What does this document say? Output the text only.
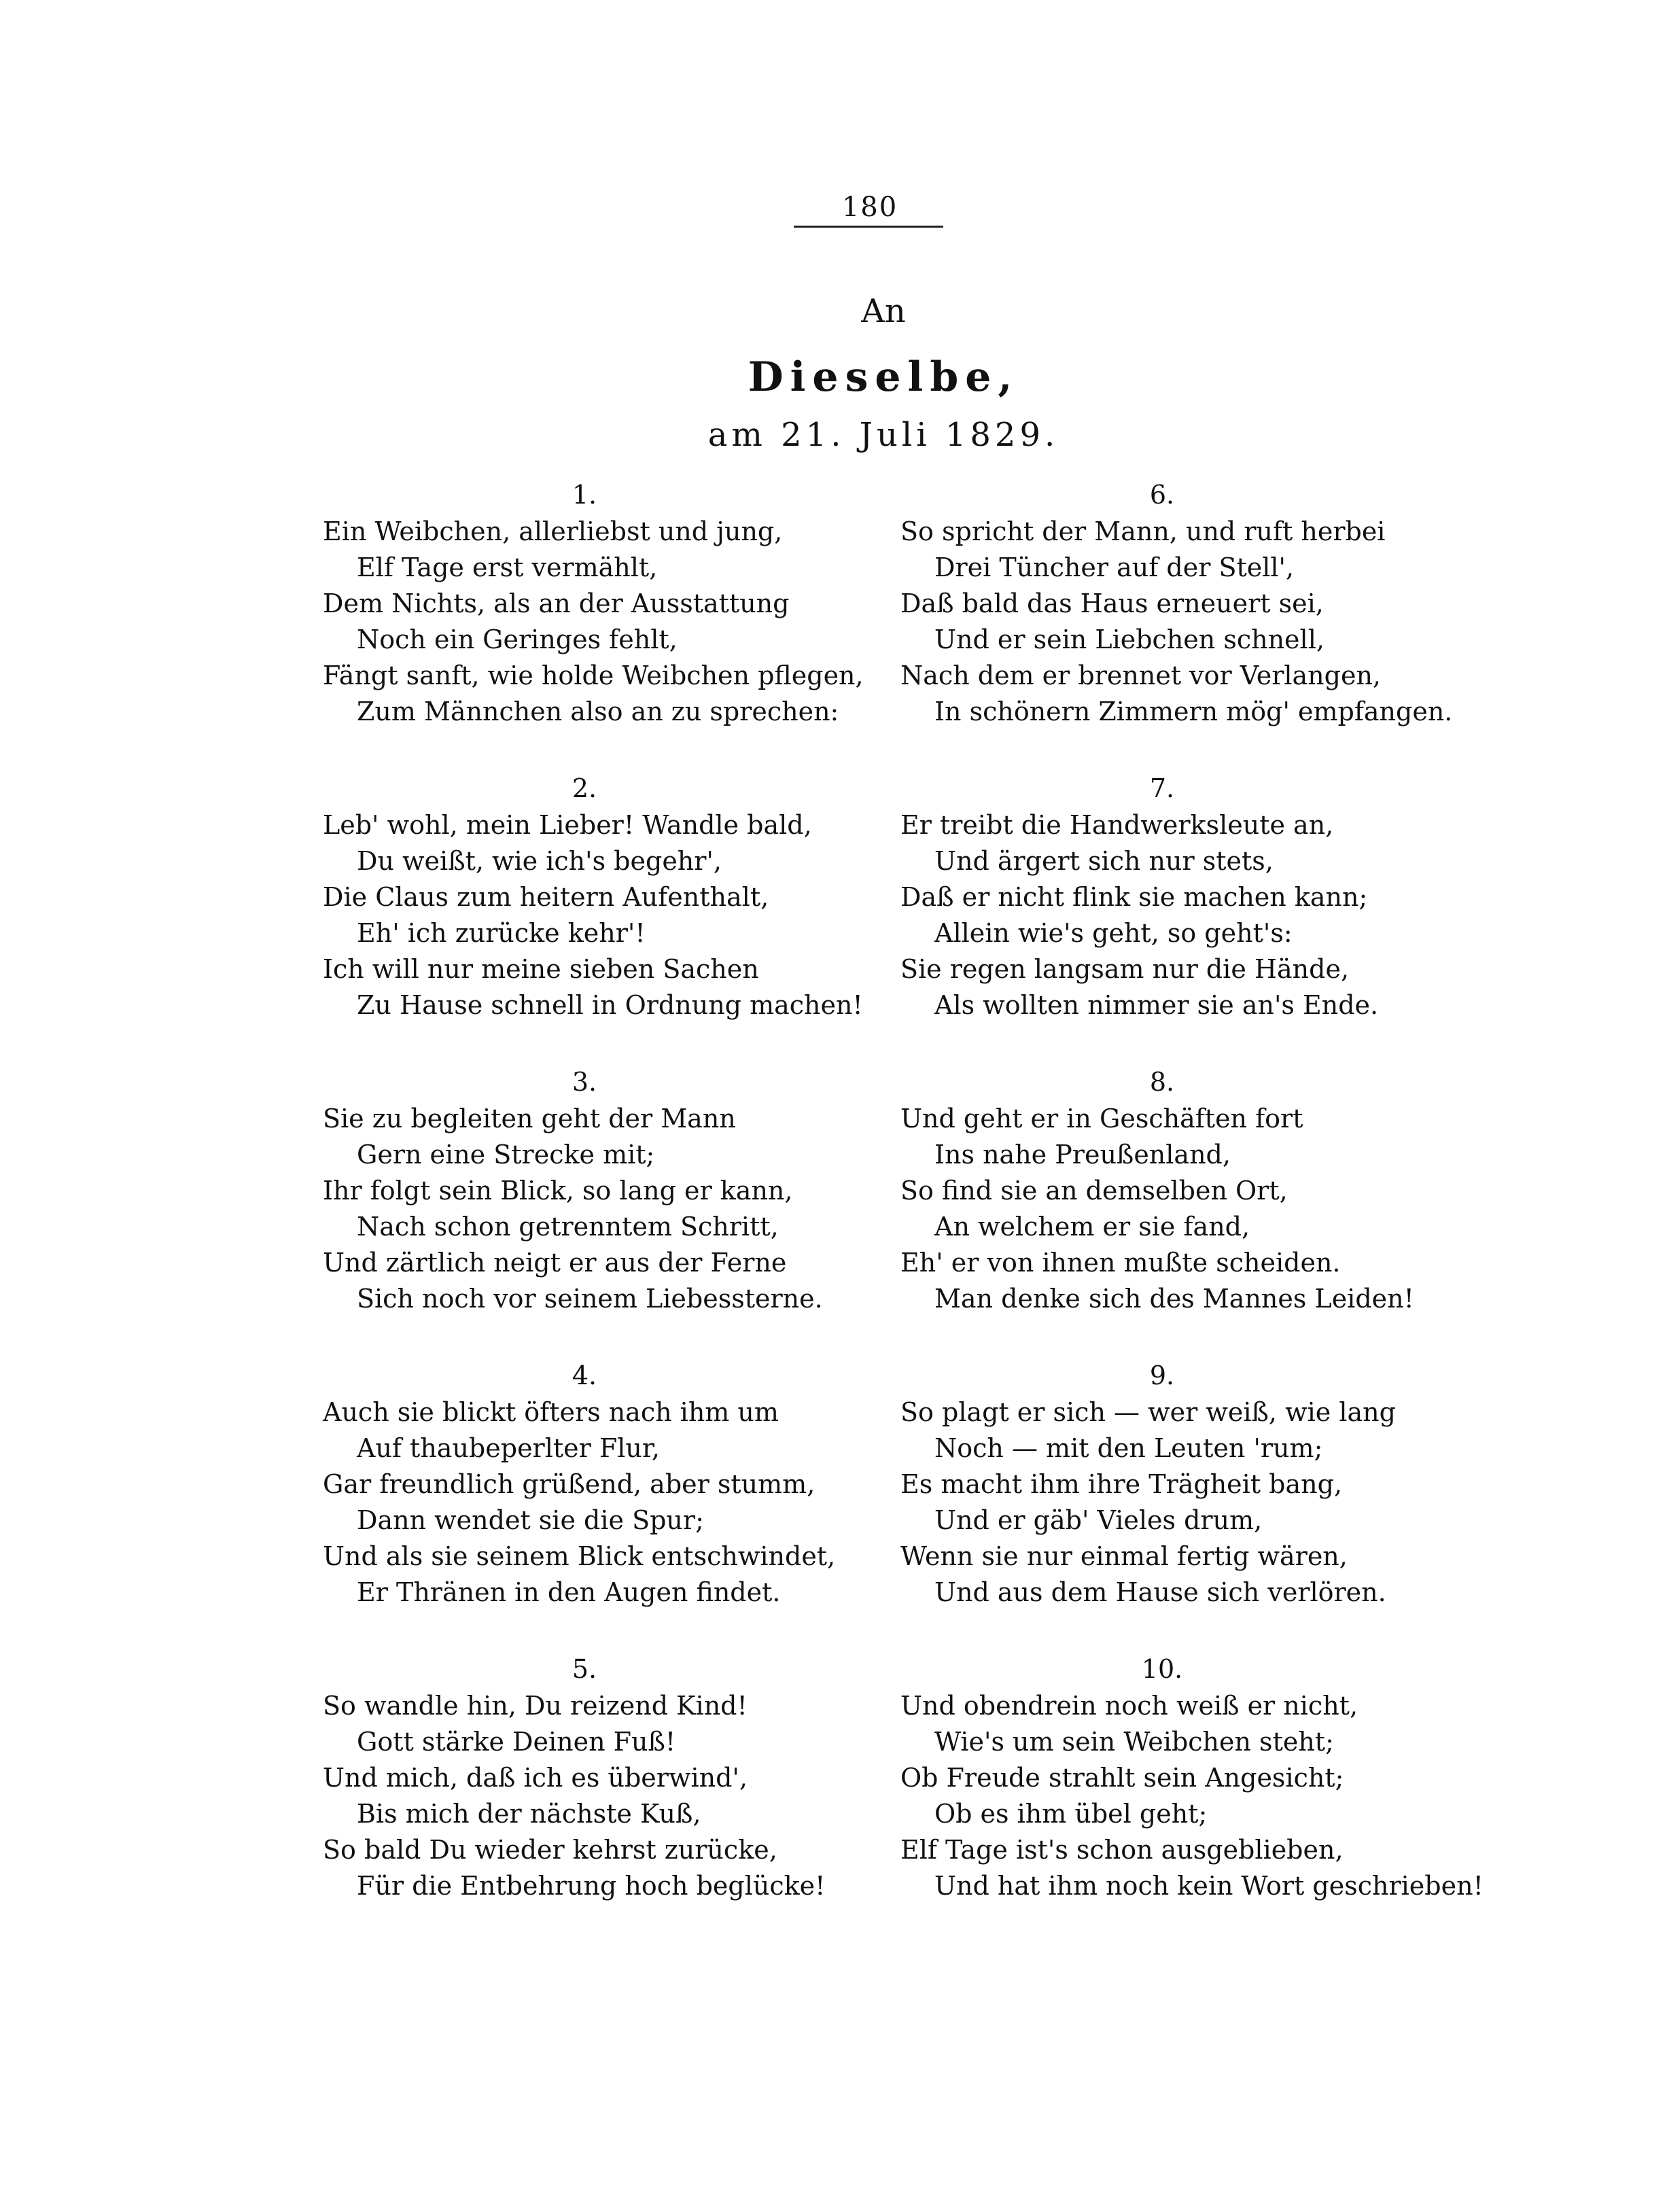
180
An
Dieselbe,
am 21. Juli 1829.
1.
Ein Weibchen, allerliebst und jung,
Elf Tage erst vermählt,
Dem Nichts, als an der Ausstattung
Noch ein Geringes fehlt,
Fängt sanft, wie holde Weibchen pflegen,
Zum Männchen also an zu sprechen:
2.
Leb' wohl, mein Lieber! Wandle bald,
Du weißt, wie ich's begehr',
Die Claus zum heitern Aufenthalt,
Eh' ich zurücke kehr'!
Ich will nur meine sieben Sachen
Zu Hause schnell in Ordnung machen!
3.
Sie zu begleiten geht der Mann
Gern eine Strecke mit;
Ihr folgt sein Blick, so lang er kann,
Nach schon getrenntem Schritt,
Und zärtlich neigt er aus der Ferne
Sich noch vor seinem Liebessterne.
4.
Auch sie blickt öfters nach ihm um
Auf thaubeperlter Flur,
Gar freundlich grüßend, aber stumm,
Dann wendet sie die Spur;
Und als sie seinem Blick entschwindet,
Er Thränen in den Augen findet.
5.
So wandle hin, Du reizend Kind!
Gott stärke Deinen Fuß!
Und mich, daß ich es überwind',
Bis mich der nächste Kuß,
So bald Du wieder kehrst zurücke,
Für die Entbehrung hoch beglücke!
6.
So spricht der Mann, und ruft herbei
Drei Tüncher auf der Stell',
Daß bald das Haus erneuert sei,
Und er sein Liebchen schnell,
Nach dem er brennet vor Verlangen,
In schönern Zimmern mög' empfangen.
7.
Er treibt die Handwerksleute an,
Und ärgert sich nur stets,
Daß er nicht flink sie machen kann;
Allein wie's geht, so geht's:
Sie regen langsam nur die Hände,
Als wollten nimmer sie an's Ende.
8.
Und geht er in Geschäften fort
Ins nahe Preußenland,
So find sie an demselben Ort,
An welchem er sie fand,
Eh' er von ihnen mußte scheiden.
Man denke sich des Mannes Leiden!
9.
So plagt er sich — wer weiß, wie lang
Noch — mit den Leuten 'rum;
Es macht ihm ihre Trägheit bang,
Und er gäb' Vieles drum,
Wenn sie nur einmal fertig wären,
Und aus dem Hause sich verlören.
10.
Und obendrein noch weiß er nicht,
Wie's um sein Weibchen steht;
Ob Freude strahlt sein Angesicht;
Ob es ihm übel geht;
Elf Tage ist's schon ausgeblieben,
Und hat ihm noch kein Wort geschrieben!
